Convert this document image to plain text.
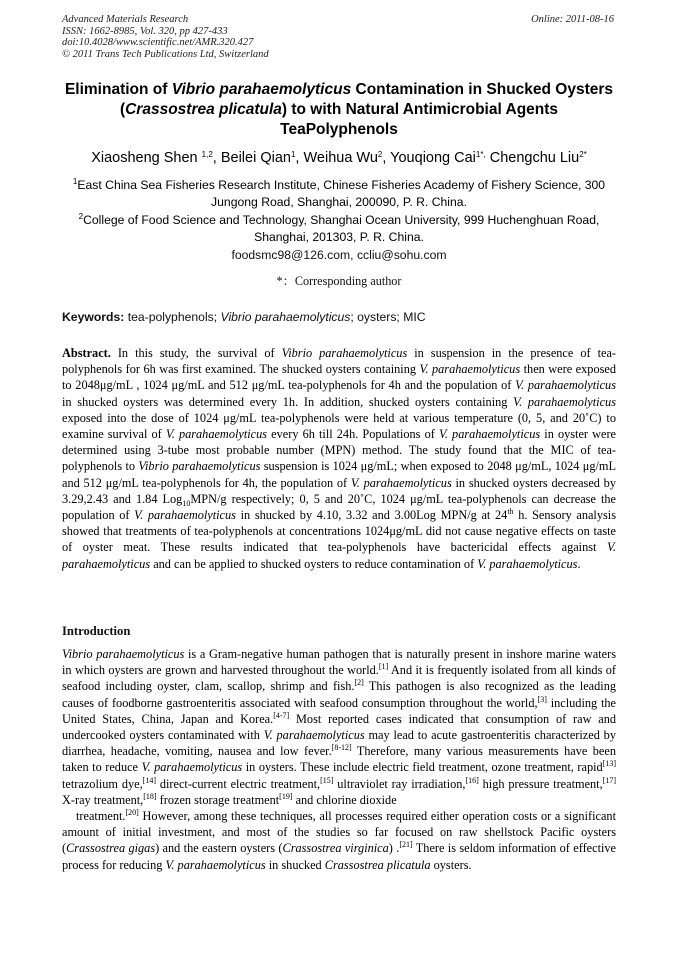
Advanced Materials Research
ISSN: 1662-8985, Vol. 320, pp 427-433
doi:10.4028/www.scientific.net/AMR.320.427
© 2011 Trans Tech Publications Ltd, Switzerland
Online: 2011-08-16
Elimination of Vibrio parahaemolyticus Contamination in Shucked Oysters (Crassostrea plicatula) to with Natural Antimicrobial Agents TeaPolyphenols
Xiaosheng Shen $^{1,2}$, Beilei Qian$^1$, Weihua Wu$^2$, Youqiong Cai$^{1*,}$ Chengchu Liu$^{2*}$
$^1$East China Sea Fisheries Research Institute, Chinese Fisheries Academy of Fishery Science, 300 Jungong Road, Shanghai, 200090, P. R. China.
$^2$College of Food Science and Technology, Shanghai Ocean University, 999 Huchenghuan Road, Shanghai, 201303, P. R. China.
foodsmc98@126.com, ccliu@sohu.com
*：Corresponding author
Keywords: tea-polyphenols; Vibrio parahaemolyticus; oysters; MIC

Abstract. In this study, the survival of Vibrio parahaemolyticus in suspension in the presence of tea-polyphenols for 6h was first examined. The shucked oysters containing V. parahaemolyticus then were exposed to 2048μg/mL , 1024 μg/mL and 512 μg/mL tea-polyphenols for 4h and the population of V. parahaemolyticus in shucked oysters was determined every 1h. In addition, shucked oysters containing V. parahaemolyticus exposed into the dose of 1024 μg/mL tea-polyphenols were held at various temperature (0, 5, and 20˚C) to examine survival of V. parahaemolyticus every 6h till 24h. Populations of V. parahaemolyticus in oyster were determined using 3-tube most probable number (MPN) method. The study found that the MIC of tea-polyphenols to Vibrio parahaemolyticus suspension is 1024 μg/mL; when exposed to 2048 μg/mL, 1024 μg/mL and 512 μg/mL tea-polyphenols for 4h, the population of V. parahaemolyticus in shucked oysters decreased by 3.29,2.43 and 1.84 Log$_{10}$MPN/g respectively; 0, 5 and 20˚C, 1024 μg/mL tea-polyphenols can decrease the population of V. parahaemolyticus in shucked by 4.10, 3.32 and 3.00Log MPN/g at 24th h. Sensory analysis showed that treatments of tea-polyphenols at concentrations 1024μg/mL did not cause negative effects on taste of oyster meat. These results indicated that tea-polyphenols have bactericidal effects against V. parahaemolyticus and can be applied to shucked oysters to reduce contamination of V. parahaemolyticus.

Introduction

Vibrio parahaemolyticus is a Gram-negative human pathogen that is naturally present in inshore marine waters in which oysters are grown and harvested throughout the world.[1] And it is frequently isolated from all kinds of seafood including oyster, clam, scallop, shrimp and fish.[2] This pathogen is also recognized as the leading causes of foodborne gastroenteritis associated with seafood consumption throughout the world,[3] including the United States, China, Japan and Korea.[4-7] Most reported cases indicated that consumption of raw and undercooked oysters contaminated with V. parahaemolyticus may lead to acute gastroenteritis characterized by diarrhea, headache, vomiting, nausea and low fever.[8-12] Therefore, many various measurements have been taken to reduce V. parahaemolyticus in oysters. These include electric field treatment, ozone treatment, rapid[13] tetrazolium dye,[14] direct-current electric treatment,[15] ultraviolet ray irradiation,[16] high pressure treatment,[17] X-ray treatment,[18] frozen storage treatment[19] and chlorine dioxide

treatment.[20] However, among these techniques, all processes required either operation costs or a significant amount of initial investment, and most of the studies so far focused on raw shellstock Pacific oysters (Crassostrea gigas) and the eastern oysters (Crassostrea virginica) .[21] There is seldom information of effective process for reducing V. parahaemolyticus in shucked Crassostrea plicatula oysters.
